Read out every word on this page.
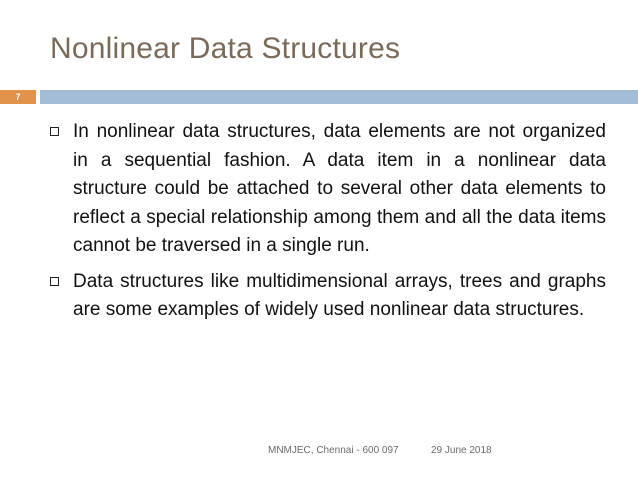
Nonlinear Data Structures
7
In nonlinear data structures, data elements are not organized in a sequential fashion. A data item in a nonlinear data structure could be attached to several other data elements to reflect a special relationship among them and all the data items cannot be traversed in a single run.
Data structures like multidimensional arrays, trees and graphs are some examples of widely used nonlinear data structures.
MNMJEC, Chennai - 600 097	29 June 2018
